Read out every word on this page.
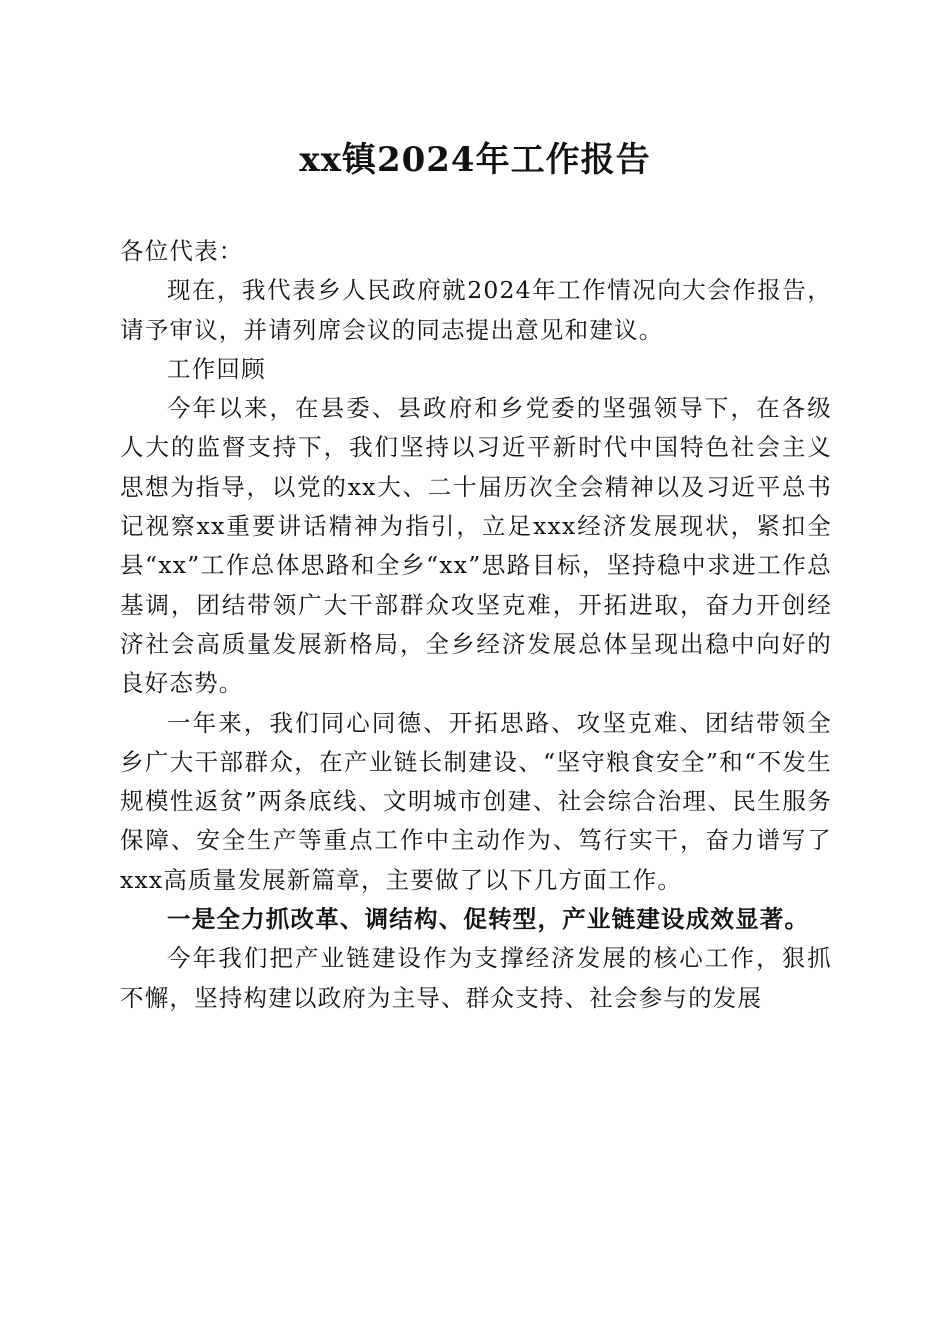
xx镇2024年工作报告

各位代表：

现在，我代表乡人民政府就2024年工作情况向大会作报告，请予审议，并请列席会议的同志提出意见和建议。

工作回顾

今年以来，在县委、县政府和乡党委的坚强领导下，在各级人大的监督支持下，我们坚持以习近平新时代中国特色社会主义思想为指导，以党的xx大、二十届历次全会精神以及习近平总书记视察xx重要讲话精神为指引，立足xxx经济发展现状，紧扣全县“xx”工作总体思路和全乡“xx”思路目标，坚持稳中求进工作总基调，团结带领广大干部群众攻坚克难，开拓进取，奋力开创经济社会高质量发展新格局，全乡经济发展总体呈现出稳中向好的良好态势。

一年来，我们同心同德、开拓思路、攻坚克难、团结带领全乡广大干部群众，在产业链长制建设、“坚守粮食安全”和“不发生规模性返贫”两条底线、文明城市创建、社会综合治理、民生服务保障、安全生产等重点工作中主动作为、笃行实干，奋力谱写了xxx高质量发展新篇章，主要做了以下几方面工作。

一是全力抓改革、调结构、促转型，产业链建设成效显著。

今年我们把产业链建设作为支撑经济发展的核心工作，狠抓不懈，坚持构建以政府为主导、群众支持、社会参与的发展
